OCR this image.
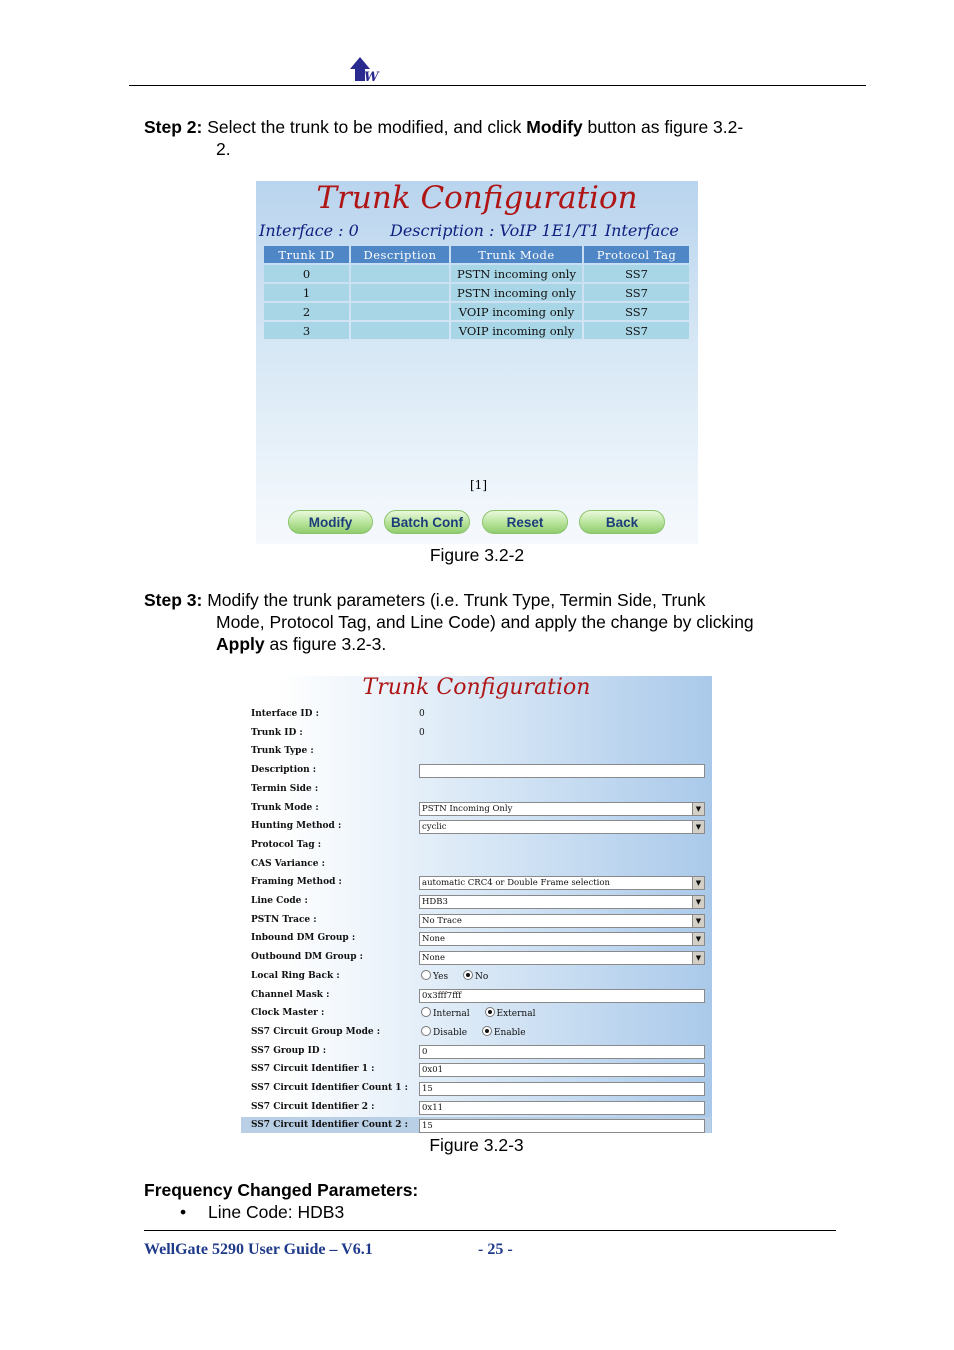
W
Step 2: Select the trunk to be modified, and click Modify button as figure 3.2-
2.
Trunk Configuration
Interface : 0 Description : VoIP 1E1/T1 Interface
Trunk ID	Description	Trunk Mode	Protocol Tag
0		PSTN incoming only	SS7
1		PSTN incoming only	SS7
2		VOIP incoming only	SS7
3		VOIP incoming only	SS7
[1]
Modify	Batch Conf	Reset	Back
Figure 3.2-2
Step 3: Modify the trunk parameters (i.e. Trunk Type, Termin Side, Trunk
Mode, Protocol Tag, and Line Code) and apply the change by clicking
Apply as figure 3.2-3.
Trunk Configuration
Interface ID :	0
Trunk ID :	0
Trunk Type :
Description :
Termin Side :
Trunk Mode :	PSTN Incoming Only	▼
Hunting Method :	cyclic	▼
Protocol Tag :
CAS Variance :
Framing Method :	automatic CRC4 or Double Frame selection	▼
Line Code :	HDB3	▼
PSTN Trace :	No Trace	▼
Inbound DM Group :	None	▼
Outbound DM Group :	None	▼
Local Ring Back :	Yes	No
Channel Mask :	0x3fff7fff
Clock Master :	Internal	External
SS7 Circuit Group Mode :	Disable	Enable
SS7 Group ID :	0
SS7 Circuit Identifier 1 :	0x01
SS7 Circuit Identifier Count 1 :	15
SS7 Circuit Identifier 2 :	0x11
SS7 Circuit Identifier Count 2 :	15
Figure 3.2-3
Frequency Changed Parameters:
• Line Code: HDB3
WellGate 5290 User Guide – V6.1	- 25 -
